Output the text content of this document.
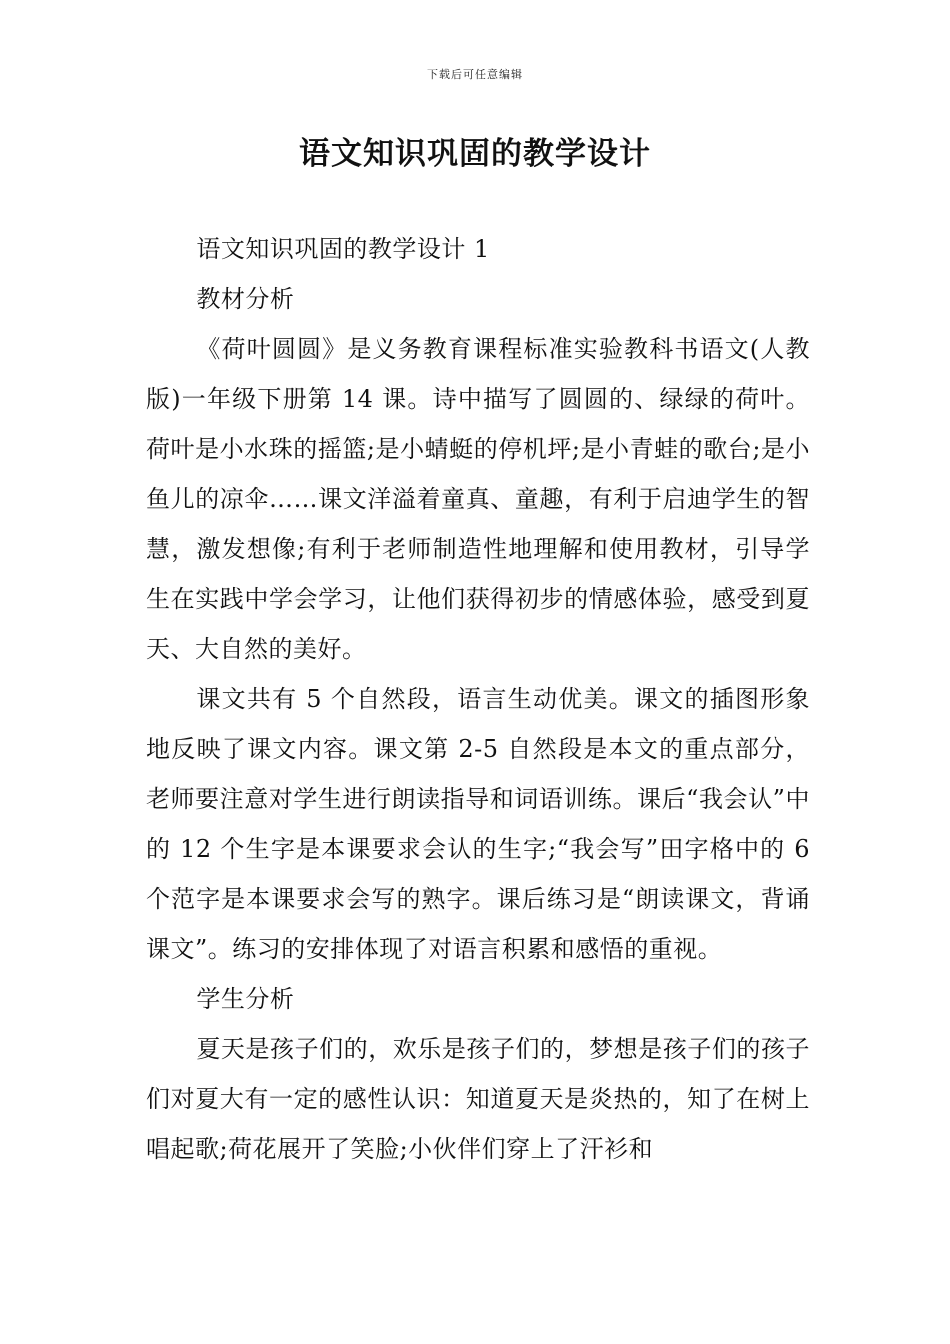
下载后可任意编辑
语文知识巩固的教学设计

语文知识巩固的教学设计 1

教材分析

《荷叶圆圆》是义务教育课程标准实验教科书语文(人教版)一年级下册第 14 课。诗中描写了圆圆的、绿绿的荷叶。荷叶是小水珠的摇篮;是小蜻蜓的停机坪;是小青蛙的歌台;是小鱼儿的凉伞……课文洋溢着童真、童趣，有利于启迪学生的智慧，激发想像;有利于老师制造性地理解和使用教材，引导学生在实践中学会学习，让他们获得初步的情感体验，感受到夏天、大自然的美好。

课文共有 5 个自然段，语言生动优美。课文的插图形象地反映了课文内容。课文第 2-5 自然段是本文的重点部分，老师要注意对学生进行朗读指导和词语训练。课后“我会认”中的 12 个生字是本课要求会认的生字;“我会写”田字格中的 6 个范字是本课要求会写的熟字。课后练习是“朗读课文，背诵课文”。练习的安排体现了对语言积累和感悟的重视。

学生分析

夏天是孩子们的，欢乐是孩子们的，梦想是孩子们的孩子们对夏大有一定的感性认识：知道夏天是炎热的，知了在树上唱起歌;荷花展开了笑脸;小伙伴们穿上了汗衫和
